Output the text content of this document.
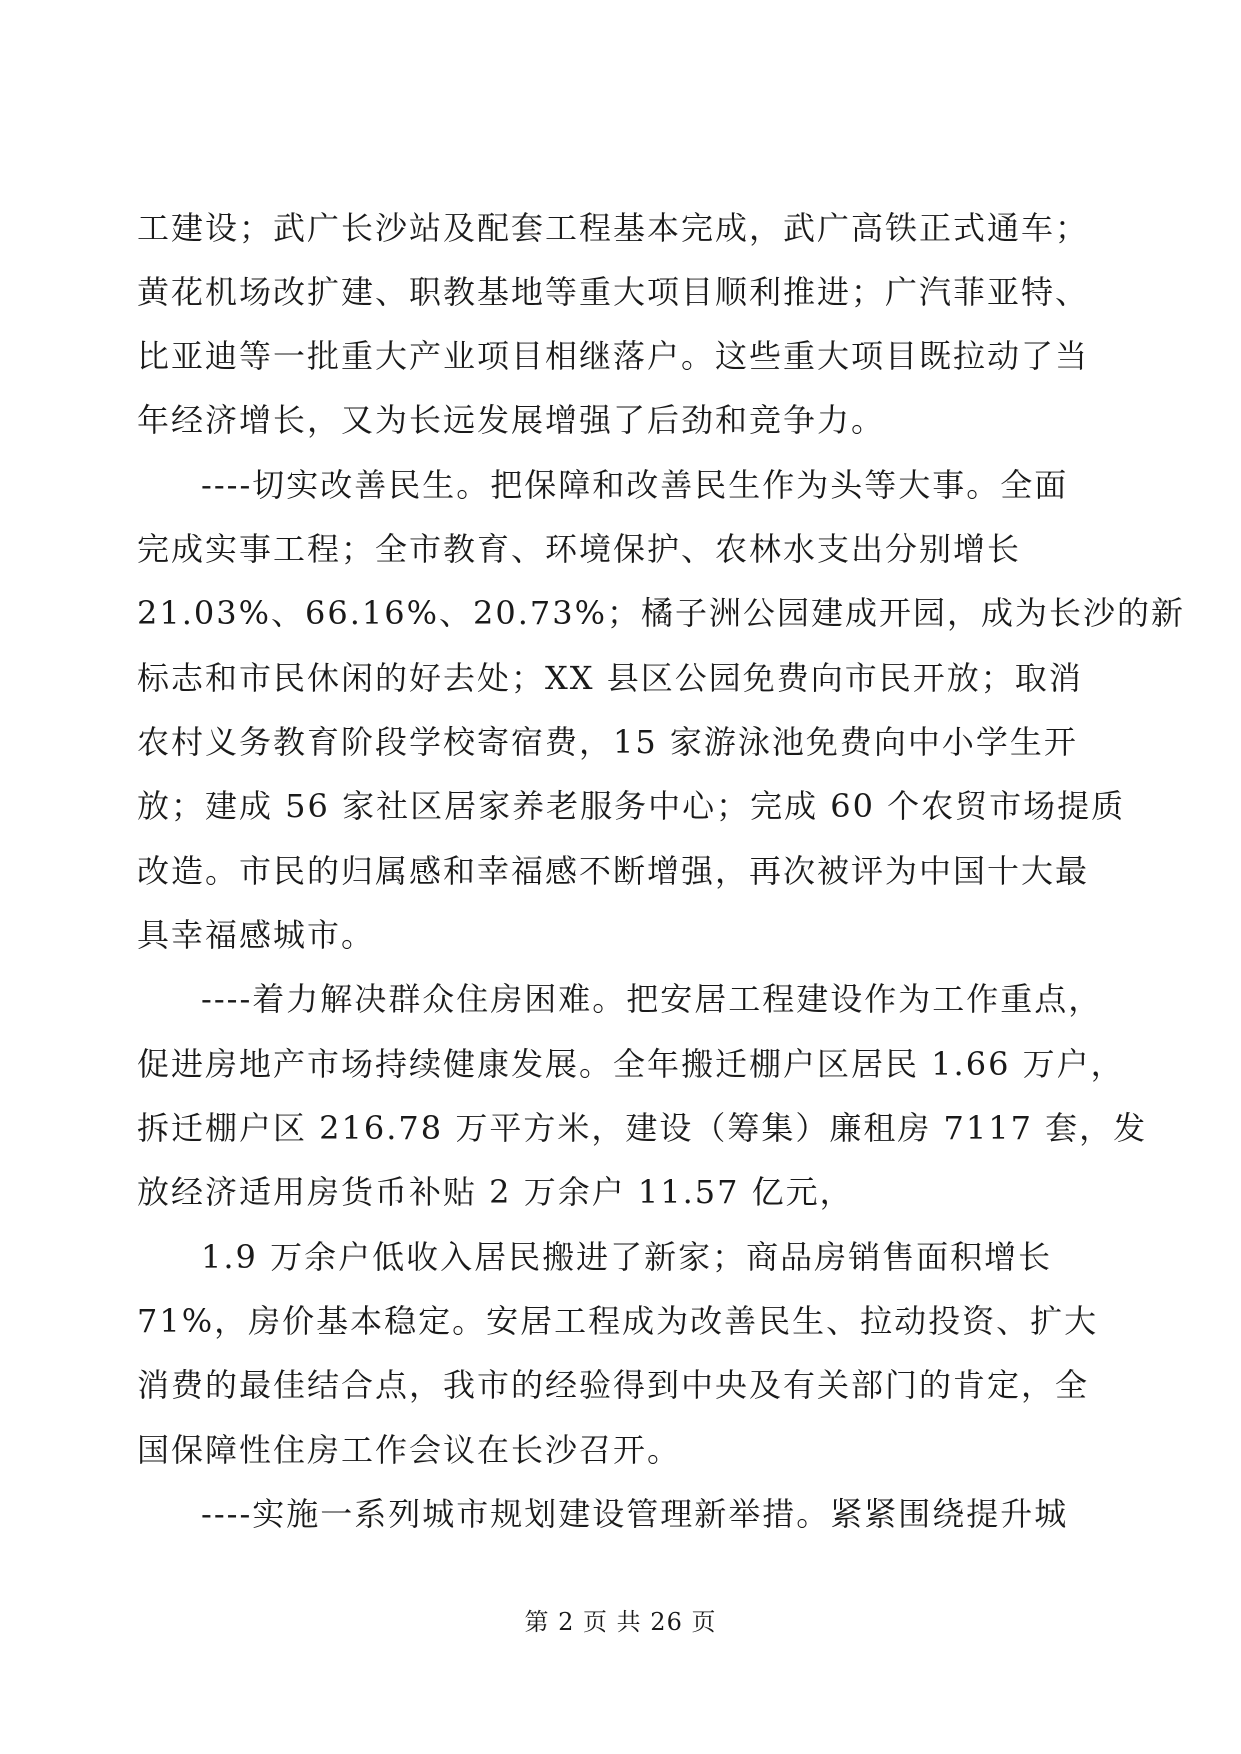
工建设；武广长沙站及配套工程基本完成，武广高铁正式通车；
黄花机场改扩建、职教基地等重大项目顺利推进；广汽菲亚特、
比亚迪等一批重大产业项目相继落户。这些重大项目既拉动了当
年经济增长，又为长远发展增强了后劲和竞争力。
----切实改善民生。把保障和改善民生作为头等大事。全面
完成实事工程；全市教育、环境保护、农林水支出分别增长
21.03%、66.16%、20.73%；橘子洲公园建成开园，成为长沙的新
标志和市民休闲的好去处；XX 县区公园免费向市民开放；取消
农村义务教育阶段学校寄宿费，15 家游泳池免费向中小学生开
放；建成 56 家社区居家养老服务中心；完成 60 个农贸市场提质
改造。市民的归属感和幸福感不断增强，再次被评为中国十大最
具幸福感城市。
----着力解决群众住房困难。把安居工程建设作为工作重点，
促进房地产市场持续健康发展。全年搬迁棚户区居民 1.66 万户，
拆迁棚户区 216.78 万平方米，建设（筹集）廉租房 7117 套，发
放经济适用房货币补贴 2 万余户 11.57 亿元，
1.9 万余户低收入居民搬进了新家；商品房销售面积增长
71%，房价基本稳定。安居工程成为改善民生、拉动投资、扩大
消费的最佳结合点，我市的经验得到中央及有关部门的肯定，全
国保障性住房工作会议在长沙召开。
----实施一系列城市规划建设管理新举措。紧紧围绕提升城
第 2 页 共 26 页
